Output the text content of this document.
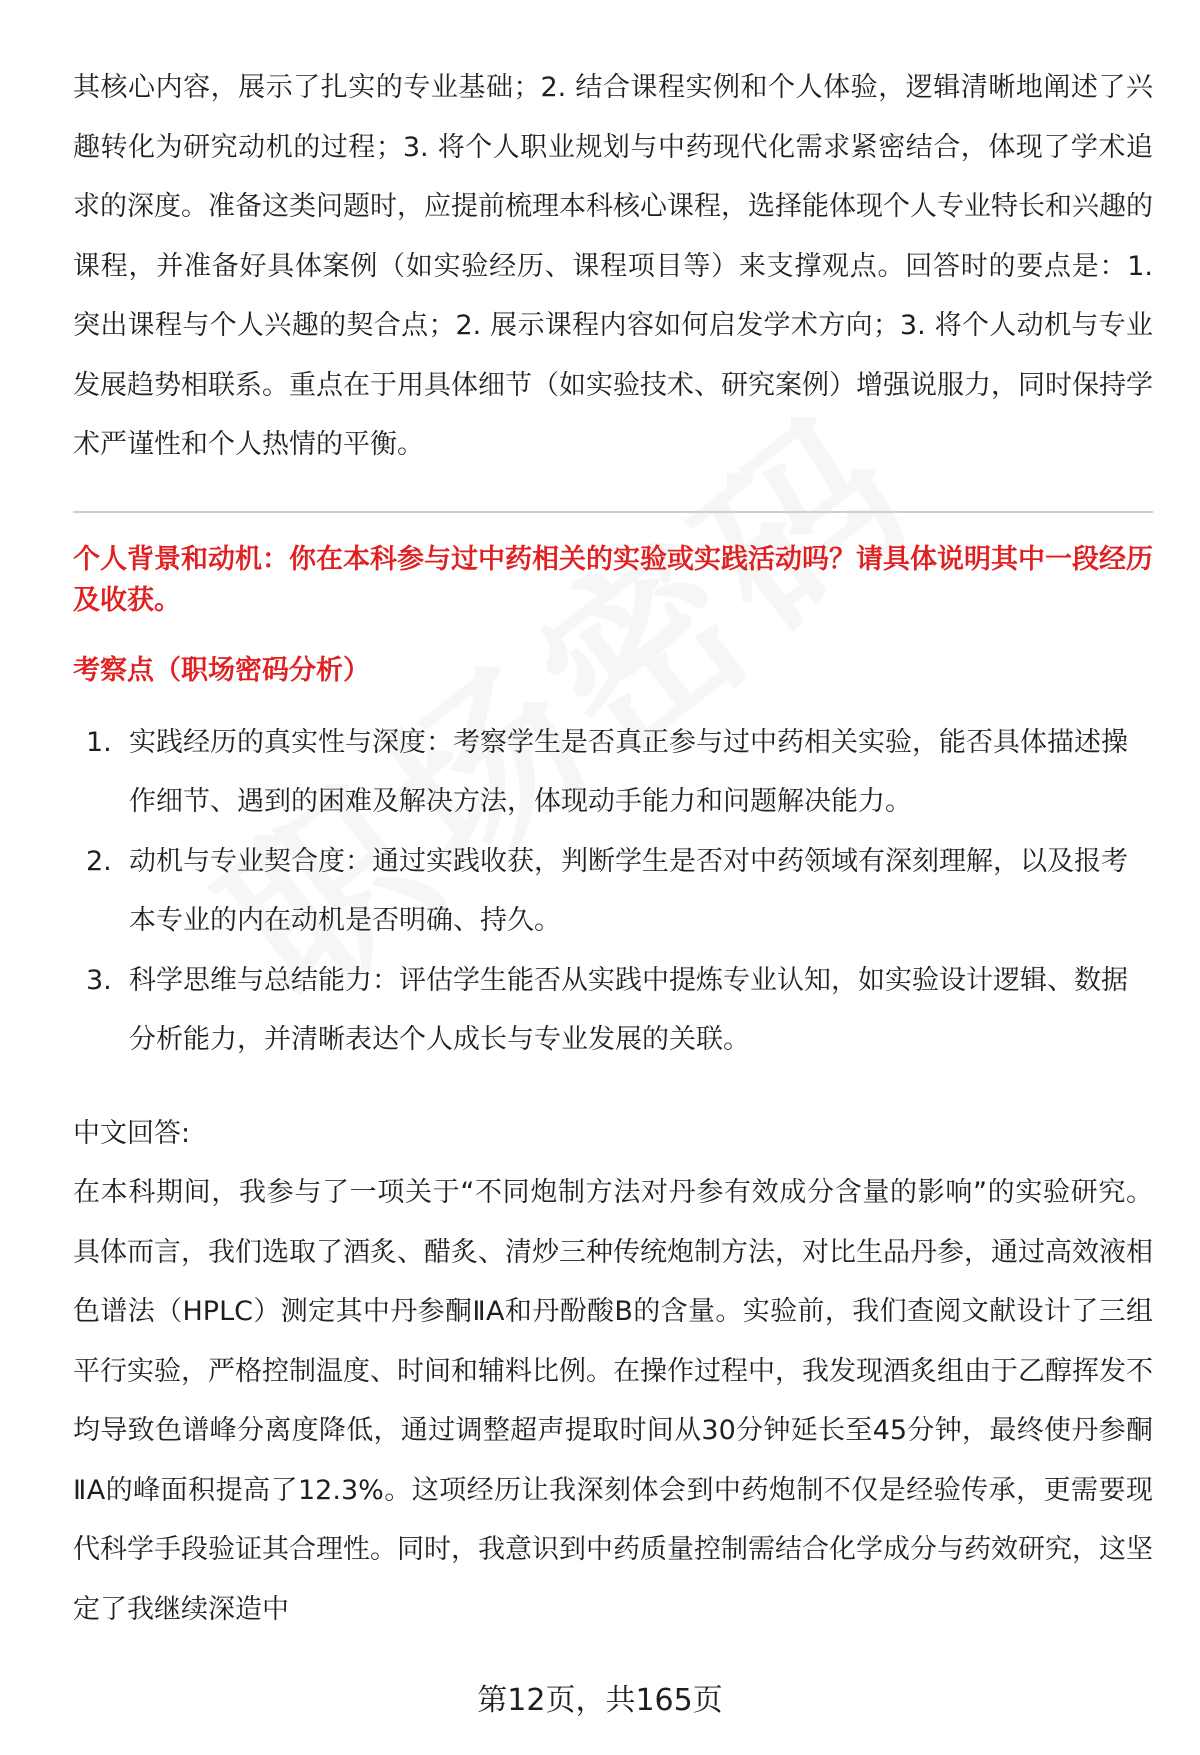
其核心内容，展示了扎实的专业基础；2. 结合课程实例和个人体验，逻辑清晰地阐述了兴趣转化为研究动机的过程；3. 将个人职业规划与中药现代化需求紧密结合，体现了学术追求的深度。准备这类问题时，应提前梳理本科核心课程，选择能体现个人专业特长和兴趣的课程，并准备好具体案例（如实验经历、课程项目等）来支撑观点。回答时的要点是：1. 突出课程与个人兴趣的契合点；2. 展示课程内容如何启发学术方向；3. 将个人动机与专业发展趋势相联系。重点在于用具体细节（如实验技术、研究案例）增强说服力，同时保持学术严谨性和个人热情的平衡。

个人背景和动机：你在本科参与过中药相关的实验或实践活动吗？请具体说明其中一段经历及收获。

考察点（职场密码分析）

1. 实践经历的真实性与深度：考察学生是否真正参与过中药相关实验，能否具体描述操作细节、遇到的困难及解决方法，体现动手能力和问题解决能力。
2. 动机与专业契合度：通过实践收获，判断学生是否对中药领域有深刻理解，以及报考本专业的内在动机是否明确、持久。
3. 科学思维与总结能力：评估学生能否从实践中提炼专业认知，如实验设计逻辑、数据分析能力，并清晰表达个人成长与专业发展的关联。

中文回答:

在本科期间，我参与了一项关于“不同炮制方法对丹参有效成分含量的影响”的实验研究。具体而言，我们选取了酒炙、醋炙、清炒三种传统炮制方法，对比生品丹参，通过高效液相色谱法（HPLC）测定其中丹参酮ⅡA和丹酚酸B的含量。实验前，我们查阅文献设计了三组平行实验，严格控制温度、时间和辅料比例。在操作过程中，我发现酒炙组由于乙醇挥发不均导致色谱峰分离度降低，通过调整超声提取时间从30分钟延长至45分钟，最终使丹参酮ⅡA的峰面积提高了12.3%。这项经历让我深刻体会到中药炮制不仅是经验传承，更需要现代科学手段验证其合理性。同时，我意识到中药质量控制需结合化学成分与药效研究，这坚定了我继续深造中

第12页，共165页
